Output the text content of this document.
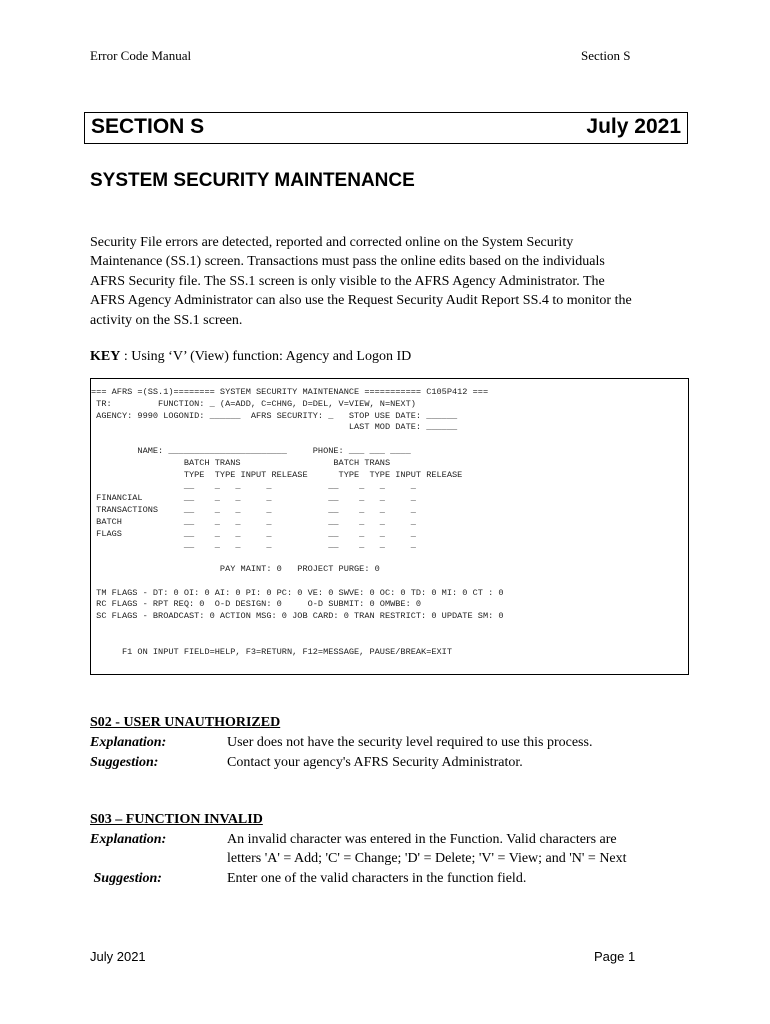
Error Code Manual	Section S
SECTION S	July 2021
SYSTEM SECURITY MAINTENANCE

Security File errors are detected, reported and corrected online on the System Security

Maintenance (SS.1) screen. Transactions must pass the online edits based on the individuals

AFRS Security file. The SS.1 screen is only visible to the AFRS Agency Administrator. The

AFRS Agency Administrator can also use the Request Security Audit Report SS.4 to monitor the

activity on the SS.1 screen.

KEY : Using ‘V’ (View) function: Agency and Logon ID
=== AFRS =(SS.1)======== SYSTEM SECURITY MAINTENANCE =========== C105P412 ===
TR:         FUNCTION: _ (A=ADD, C=CHNG, D=DEL, V=VIEW, N=NEXT)
AGENCY: 9990 LOGONID: ______  AFRS SECURITY: _   STOP USE DATE: ______
LAST MOD DATE: ______
NAME: _______________________     PHONE: ___ ___ ____
BATCH TRANS                  BATCH TRANS
TYPE  TYPE INPUT RELEASE      TYPE  TYPE INPUT RELEASE
__    _   _     _           __    _   _     _
FINANCIAL        __    _   _     _           __    _   _     _
TRANSACTIONS     __    _   _     _           __    _   _     _
BATCH            __    _   _     _           __    _   _     _
FLAGS            __    _   _     _           __    _   _     _
__    _   _     _           __    _   _     _
PAY MAINT: 0   PROJECT PURGE: 0
TM FLAGS - DT: 0 OI: 0 AI: 0 PI: 0 PC: 0 VE: 0 SWVE: 0 OC: 0 TD: 0 MI: 0 CT : 0
RC FLAGS - RPT REQ: 0  O-D DESIGN: 0     O-D SUBMIT: 0 OMWBE: 0
SC FLAGS - BROADCAST: 0 ACTION MSG: 0 JOB CARD: 0 TRAN RESTRICT: 0 UPDATE SM: 0
F1 ON INPUT FIELD=HELP, F3=RETURN, F12=MESSAGE, PAUSE/BREAK=EXIT
S02 - USER UNAUTHORIZED
Explanation:	User does not have the security level required to use this process.
Suggestion:	Contact your agency's AFRS Security Administrator.
S03 – FUNCTION INVALID
Explanation:	An invalid character was entered in the Function. Valid characters are
letters 'A' = Add; 'C' = Change; 'D' = Delete; 'V' = View; and 'N' = Next
Suggestion:	Enter one of the valid characters in the function field.
July 2021	Page 1
